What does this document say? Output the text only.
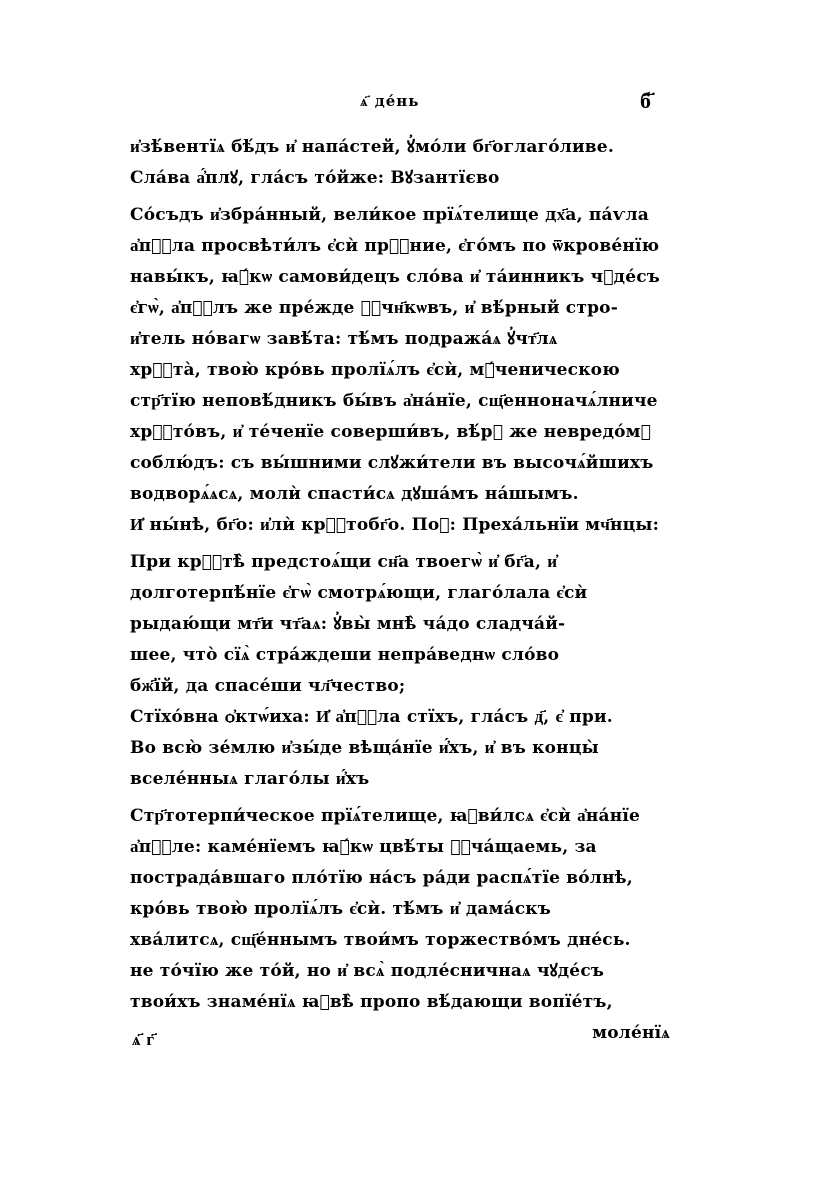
ѧ҃ де́нь	б҃
и҆зѣ́вентїѧ бѣ́дъ и҆ напа́стей, ꙋ҆мо́ли бг҃оглаго́ливе.
Сла́ва а҆́плꙋ, гла́съ то́йже: Вꙋзантїєво
Со́съдъ и҆збра́нный, вели́кое прїѧ́телище дх҃а, па́ѵла
а҆пⷭ҇ла просвѣти́лъ є҆сѝ прⷭ҇ние, є҆го́мъ по ѿкрове́нїю
навы́къ, ꙗ҆́кѡ самови́децъ сло́ва и҆ та́инникъ чꙋде́съ
є҆гѡ̀, а҆пⷭ҇лъ же пре́жде ꙋ҆чн҃кѡвъ, и҆ вѣ́рный стро-
и҆тель но́вагѡ завѣ́та: тѣ́мъ подража́ѧ ꙋ҆чт҃лѧ
хрⷭ҇та̀, твою̀ кро́вь пролїѧ́лъ є҆сѝ, мꙋ́ченическою
стр҃тїю неповѣ́дникъ бы́въ а҆на́нїе, сщ҃енноначѧ́лниче
хрⷭ҇то́въ, и҆ те́ченїе соверши́въ, вѣ́рꙋ же невредо́мꙋ
соблю́дъ: съ вы́шними слꙋжи́тели въ высочѧ́йшихъ
водворѧ́ѧсѧ, молѝ спасти́сѧ дꙋша́мъ на́шымъ.
И҆ ны́нѣ, бг҃о: и҆лѝ крⷭ҇тобг҃о. Поⷣ: Преха́льнїи мч҃нцы:
При крⷭ҇тѣ̀ предстоѧ́щи сн҃а твоегѡ̀ и҆ бг҃а, и҆
долготерпѣ́нїе є҆гѡ̀ смотрѧ́ющи, глаго́лала є҆сѝ
рыдаю́щи мт҃и чт҃аѧ: ꙋ҆вы̀ мнѣ̀ ча́до сладча́й-
шее, что̀ сїѧ̀ стра́ждеши непра́веднѡ сло́во
бж҃їй, да спасе́ши чл҃чество;
Стїхо́вна ѻ҆ктѡ́иха: И҆ а҆пⷭ҇ла стїхъ, гла́съ д҃, є҆ при.
Во всю̀ зе́млю и҆зы́де вѣща́нїе и҆́хъ, и҆ въ концы̀
вселе́нныѧ глаго́лы и҆́хъ
Стр҃тотерпи́ческое прїѧ́телище, ꙗ҆ви́лсѧ є҆сѝ а҆на́нїе
а҆пⷭ҇ле: каме́нїемъ ꙗ҆́кѡ цвѣ́ты ꙋ҆ча́щаемь, за
пострада́вшаго пло́тїю на́съ ра́ди распѧ́тїе во́лнѣ,
кро́вь твою̀ пролїѧ́лъ є҆сѝ. тѣ́мъ и҆ дама́скъ
хва́литсѧ, сщ҃е́ннымъ твои́мъ торжество́мъ дне́сь.
не то́чїю же то́й, но и҆ всѧ̀ подле́сничнаѧ чꙋде́съ
твои́хъ знаме́нїѧ ꙗ҆вѣ̀ пропо вѣ́дающи вопїе́тъ,
моле́нїѧ
ѧ҃ г҃
